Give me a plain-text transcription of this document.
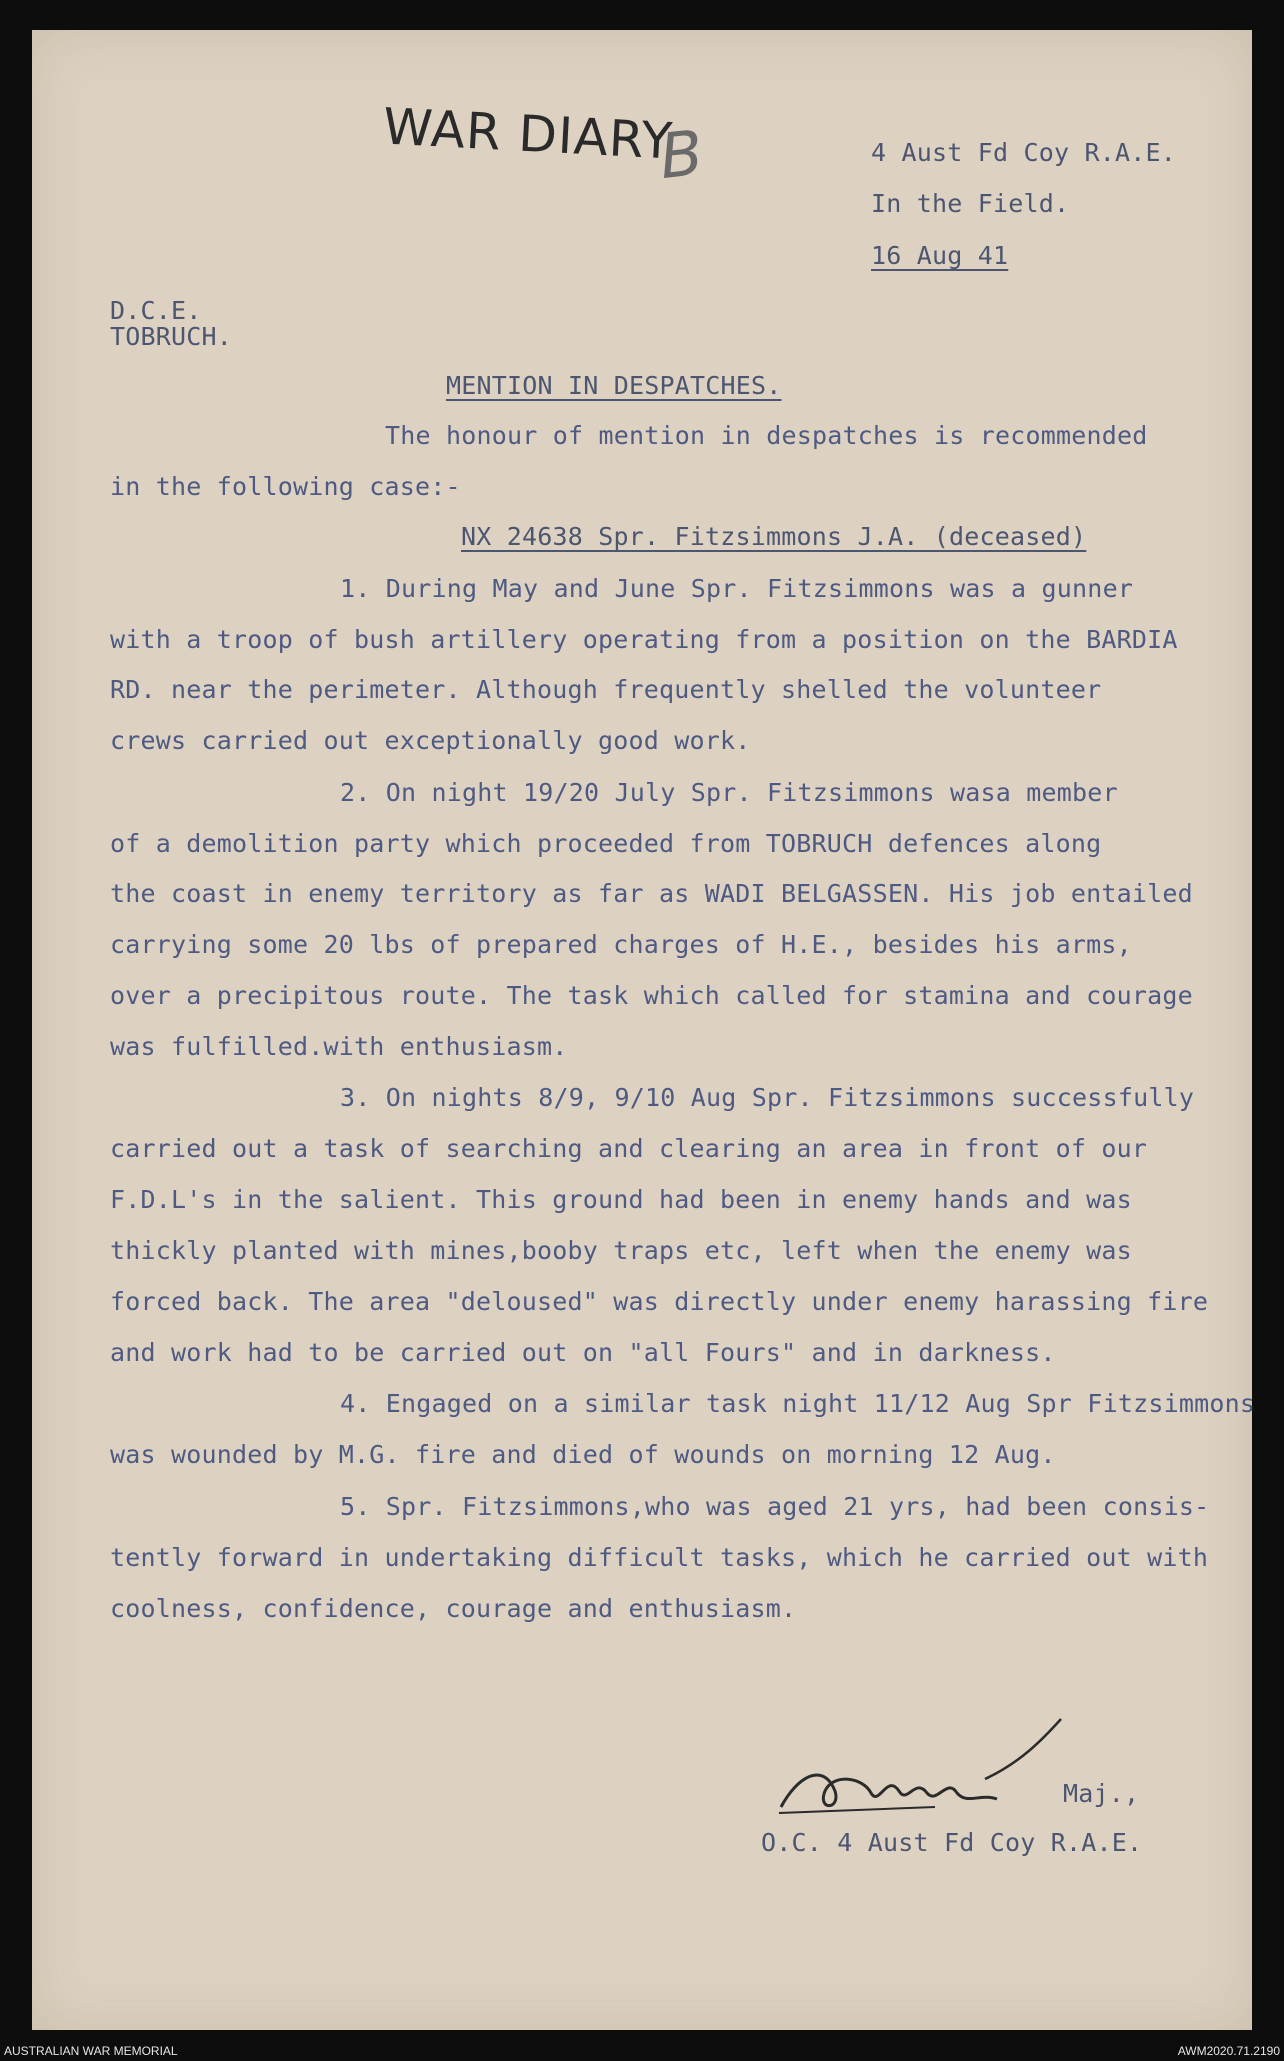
WAR DIARY
B	4 Aust Fd Coy R.A.E.
In the Field.
16 Aug 41
D.C.E.
TOBRUCH.
MENTION IN DESPATCHES.
The honour of mention in despatches is recommended
in the following case:-
NX 24638 Spr. Fitzsimmons J.A. (deceased)
1. During May and June Spr. Fitzsimmons was a gunner
with a troop of bush artillery operating from a position on the BARDIA
RD. near the perimeter. Although frequently shelled the volunteer
crews carried out exceptionally good work.
2. On night 19/20 July Spr. Fitzsimmons wasa member
of a demolition party which proceeded from TOBRUCH defences along
the coast in enemy territory as far as WADI BELGASSEN. His job entailed
carrying some 20 lbs of prepared charges of H.E., besides his arms,
over a precipitous route. The task which called for stamina and courage
was fulfilled.with enthusiasm.
3. On nights 8/9, 9/10 Aug Spr. Fitzsimmons successfully
carried out a task of searching and clearing an area in front of our
F.D.L's in the salient. This ground had been in enemy hands and was
thickly planted with mines,booby traps etc, left when the enemy was
forced back. The area "deloused" was directly under enemy harassing fire
and work had to be carried out on "all Fours" and in darkness.
4. Engaged on a similar task night 11/12 Aug Spr Fitzsimmons
was wounded by M.G. fire and died of wounds on morning 12 Aug.
5. Spr. Fitzsimmons,who was aged 21 yrs, had been consis-
tently forward in undertaking difficult tasks, which he carried out with
coolness, confidence, courage and enthusiasm.
Maj.,
O.C. 4 Aust Fd Coy R.A.E.
AUSTRALIAN WAR MEMORIAL	AWM2020.71.2190
